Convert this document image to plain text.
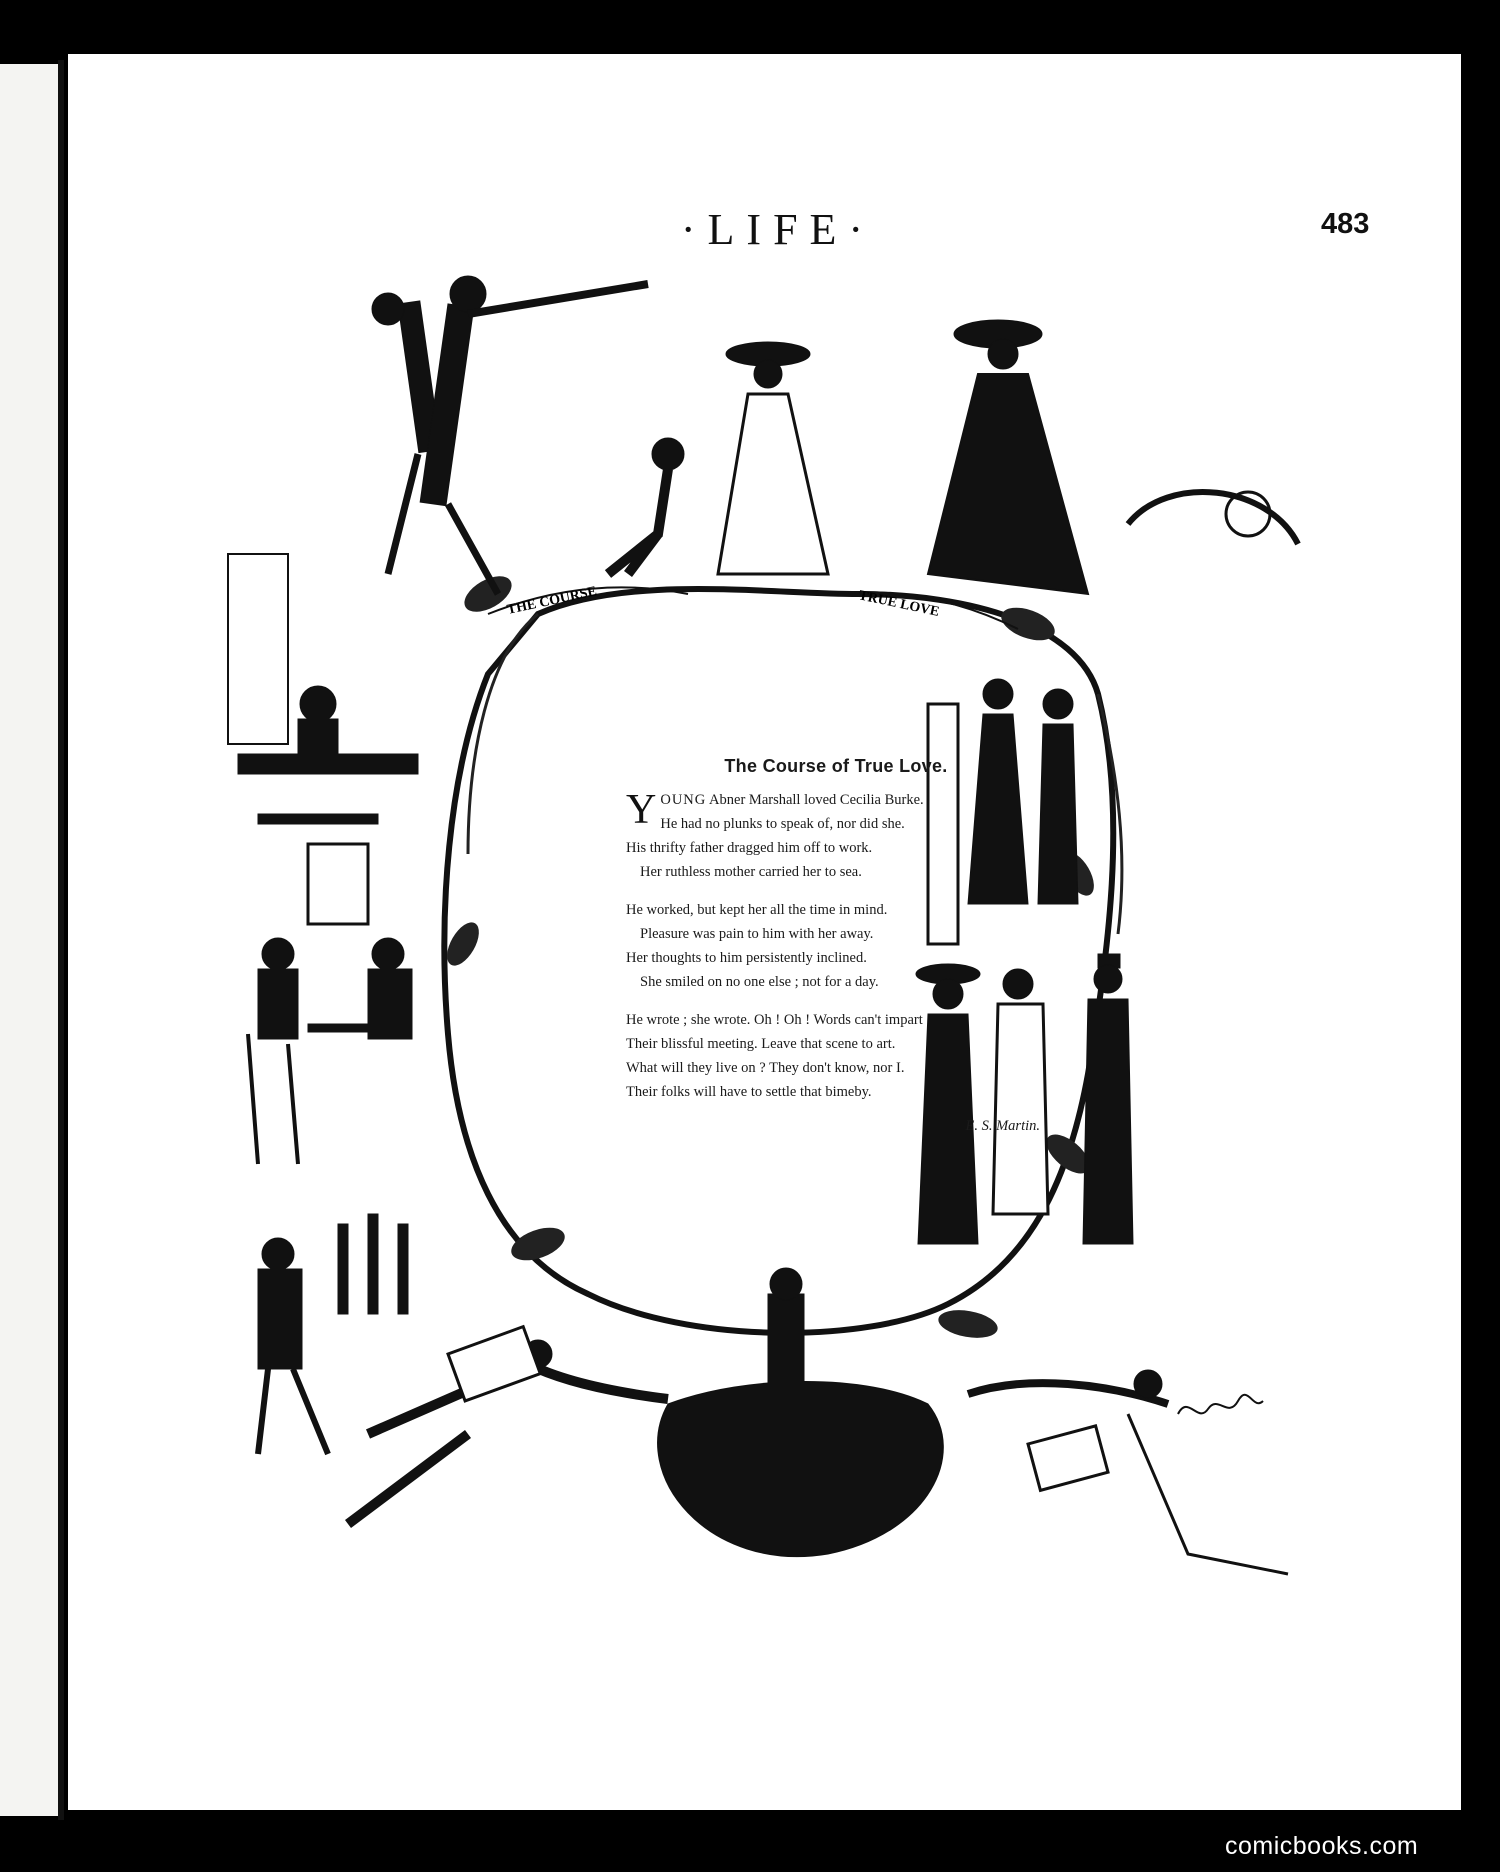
THE COURSE	TRUE LOVE
·LIFE·	483
The Course of True Love.
YOUNG Abner Marshall loved Cecilia Burke.
He had no plunks to speak of, nor did she.
His thrifty father dragged him off to work.
Her ruthless mother carried her to sea.
He worked, but kept her all the time in mind.
Pleasure was pain to him with her away.
Her thoughts to him persistently inclined.
She smiled on no one else ; not for a day.
He wrote ; she wrote. Oh ! Oh ! Words can't impart
Their blissful meeting. Leave that scene to art.
What will they live on ? They don't know, nor I.
Their folks will have to settle that bimeby.
E. S. Martin.
comicbooks.com
